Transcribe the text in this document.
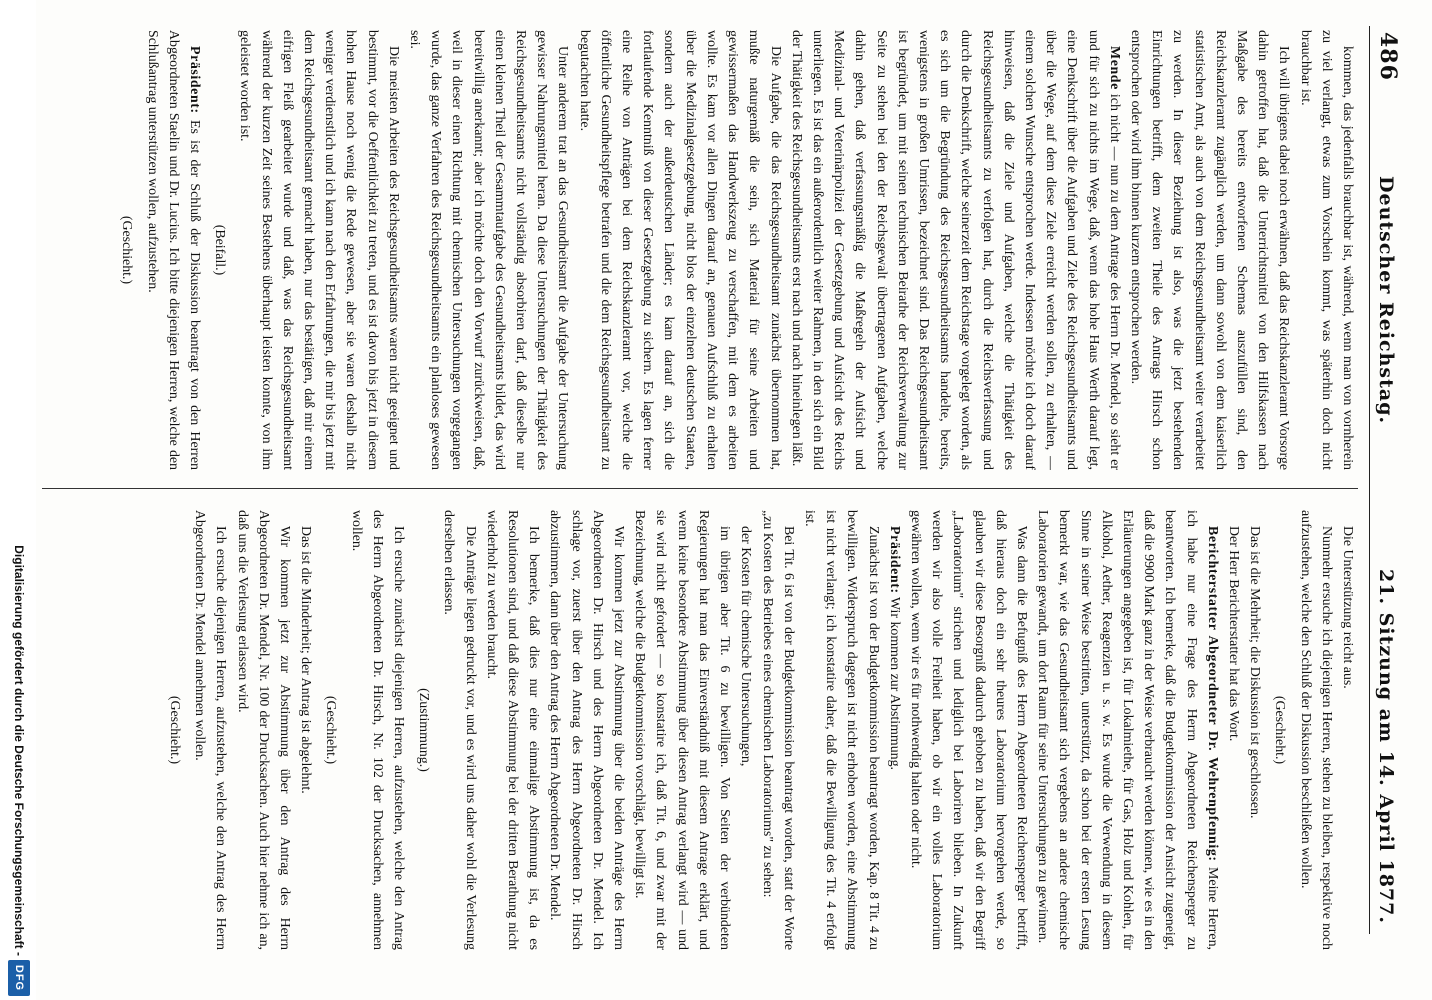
486
Deutscher Reichstag.
21. Sitzung am 14. April 1877.

kommen, das jedenfalls brauchbar ist, während, wenn man von vornherein zu viel verlangt, etwas zum Vorschein kommt, was späterhin doch nicht brauchbar ist.

Ich will übrigens dabei noch erwähnen, daß das Reichskanzleramt Vorsorge dahin getroffen hat, daß die Unterrichtsmittel von den Hilfskassen nach Maßgabe des bereits entworfenen Schemas auszufüllen sind, den Reichskanzleramt zugänglich werden, um dann sowohl von dem kaiserlich statistischen Amt, als auch von dem Reichsgesundheitsamt weiter verarbeitet zu werden. In dieser Beziehung ist also, was die jetzt bestehenden Einrichtungen betrifft, dem zweiten Theile des Antrags Hirsch schon entsprochen oder wird ihm binnen kurzem entsprochen werden.

Mende ich nicht — nun zu dem Antrage des Herrn Dr. Mendel, so sieht er und für sich zu nichts im Wege, daß, wenn das hohe Haus Werth darauf legt, eine Denkschrift über die Aufgaben und Ziele des Reichsgesundheitsamts und über die Wege, auf dem diese Ziele erreicht werden sollen, zu erhalten, — einem solchen Wunsche entsprochen werde. Indessen möchte ich doch darauf hinweisen, daß die Ziele und Aufgaben, welche die Thätigkeit des Reichsgesundheitsamts zu verfolgen hat, durch die Reichsverfassung und durch die Denkschrift, welche seinerzeit dem Reichstage vorgelegt worden, als es sich um die Begründung des Reichsgesundheitsamts handelte, bereits, wenigstens in großen Umrissen, bezeichnet sind. Das Reichsgesundheitsamt ist begründet, um mit seinen technischen Beirathe der Reichsverwaltung zur Seite zu stehen bei den der Reichsgewalt übertragenen Aufgaben, welche dahin gehen, daß verfassungsmäßig die Maßregeln der Aufsicht und Medizinal- und Veterinärpolizei der Gesetzgebung und Aufsicht des Reichs unterliegen. Es ist das ein außerordentlich weiter Rahmen, in den sich ein Bild der Thätigkeit des Reichsgesundheitsamts erst nach und nach hineinlegen läßt.

Die Aufgabe, die das Reichsgesundheitsamt zunächst übernommen hat, mußte naturgemäß die sein, sich Material für seine Arbeiten und gewissermaßen das Handwerkszeug zu verschaffen, mit dem es arbeiten wollte. Es kam vor allen Dingen darauf an, genauen Aufschluß zu erhalten über die Medizinalgesetzgebung, nicht blos der einzelnen deutschen Staaten, sondern auch der außerdeutschen Länder; es kam darauf an, sich die fortlaufende Kenntniß von dieser Gesetzgebung zu sichern. Es lagen ferner eine Reihe von Anträgen bei dem Reichskanzleramt vor, welche die öffentliche Gesundheitspflege betrafen und die dem Reichsgesundheitsamt zu begutachten hatte.

Unter anderem trat an das Gesundheitsamt die Aufgabe der Untersuchung gewisser Nahrungsmittel heran. Da diese Untersuchungen der Thätigkeit des Reichsgesundheitsamts nicht vollständig absorbiren darf, daß dieselbe nur einen kleinen Theil der Gesammtaufgabe des Gesundheitsamts bildet, das wird bereitwillig anerkannt; aber ich möchte doch den Vorwurf zurückweisen, daß, weil in dieser einen Richtung mit chemischen Untersuchungen vorgegangen wurde, das ganze Verfahren des Reichsgesundheitsamts ein planloses gewesen sei.

Die meisten Arbeiten des Reichsgesundheitsamts waren nicht geeignet und bestimmt, vor die Oeffentlichkeit zu treten, und es ist davon bis jetzt in diesem hohen Hause noch wenig die Rede gewesen, aber sie waren deshalb nicht weniger verdienstlich und ich kann nach den Erfahrungen, die mir bis jetzt mit dem Reichsgesundheitsamt gemacht haben, nur das bestätigen, daß mir einem eifrigen Fleiß gearbeitet wurde und daß, was das Reichsgesundheitsamt während der kurzen Zeit seines Bestehens überhaupt leisten konnte, von ihm geleistet worden ist.

(Beifall.)

Präsident: Es ist der Schluß der Diskussion beantragt von den Herren Abgeordneten Staelin und Dr. Lucius. Ich bitte diejenigen Herren, welche den Schlußantrag unterstützen wollen, aufzustehen.

(Geschieht.)

Die Unterstützung reicht aus.

Nunmehr ersuche ich diejenigen Herren, stehen zu bleiben, respektive noch aufzustehen, welche den Schluß der Diskussion beschließen wollen.

(Geschieht.)

Das ist die Mehrheit; die Diskussion ist geschlossen.

Der Herr Berichterstatter hat das Wort.

Berichterstatter Abgeordneter Dr. Wehrenpfennig: Meine Herren, ich habe nur eine Frage des Herrn Abgeordneten Reichensperger zu beantworten. Ich bemerke, daß die Budgetkommission der Ansicht zugeneigt, daß die 9900 Mark ganz in der Weise verbraucht werden können, wie es in den Erläuterungen angegeben ist, für Lokalmiethe, für Gas, Holz und Kohlen, für Alkohol, Aether, Reagenzien u. s. w. Es wurde die Verwendung in diesem Sinne in seiner Weise bestritten, unterstützt, da schon bei der ersten Lesung bemerkt war, wie das Gesundheitsamt sich vergebens an andere chemische Laboratorien gewandt, um dort Raum für seine Untersuchungen zu gewinnen.

Was dann die Befugniß des Herrn Abgeordneten Reichensperger betrifft, daß hieraus doch ein sehr theures Laboratorium hervorgehen werde, so glauben wir diese Besorgniß dadurch gehoben zu haben, daß wir den Begriff „Laboratorium" strichen und lediglich bei Laboriren blieben. In Zukunft werden wir also volle Freiheit haben, ob wir ein volles Laboratorium gewähren wollen, wenn wir es für nothwendig halten oder nicht.

Präsident: Wir kommen zur Abstimmung.

Zunächst ist von der Budgetkommission beantragt worden, Kap. 8 Tit. 4 zu bewilligen. Widerspruch dagegen ist nicht erhoben worden, eine Abstimmung ist nicht verlangt; ich konstatire daher, daß die Bewilligung des Tit. 4 erfolgt ist.

Bei Tit. 6 ist von der Budgetkommission beantragt worden, statt der Worte „zu Kosten des Betriebes eines chemischen Laboratoriums" zu sehen:

der Kosten für chemische Untersuchungen,

im übrigen aber Tit. 6 zu bewilligen. Von Seiten der verbündeten Regierungen hat man das Einverständniß mit diesem Antrage erklärt, und wenn keine besondere Abstimmung über diesen Antrag verlangt wird — und sie wird nicht gefordert — so konstatire ich, daß Tit. 6, und zwar mit der Bezeichnung, welche die Budgetkommission vorschlägt, bewilligt ist.

Wir kommen jetzt zur Abstimmung über die beiden Anträge des Herrn Abgeordneten Dr. Hirsch und des Herrn Abgeordneten Dr. Mendel. Ich schlage vor, zuerst über den Antrag des Herrn Abgeordneten Dr. Hirsch abzustimmen, dann über den Antrag des Herrn Abgeordneten Dr. Mendel.

Ich bemerke, daß dies nur eine einmalige Abstimmung ist, da es Resolutionen sind, und daß diese Abstimmung bei der dritten Berathung nicht wiederholt zu werden braucht.

Die Anträge liegen gedruckt vor, und es wird uns daher wohl die Verlesung derselben erlassen.

(Zustimmung.)

Ich ersuche zunächst diejenigen Herren, aufzustehen, welche den Antrag des Herrn Abgeordneten Dr. Hirsch, Nr. 102 der Drucksachen, annehmen wollen.

(Geschieht.)

Das ist die Minderheit; der Antrag ist abgelehnt.

Wir kommen jetzt zur Abstimmung über den Antrag des Herrn Abgeordneten Dr. Mendel, Nr. 100 der Drucksachen. Auch hier nehme ich an, daß uns die Verlesung erlassen wird.

Ich ersuche diejenigen Herren, aufzustehen, welche den Antrag des Herrn Abgeordneten Dr. Mendel annehmen wollen.

(Geschieht.)

Digitalisierung gefördert durch die Deutsche Forschungsgemeinschaft -
DFG
